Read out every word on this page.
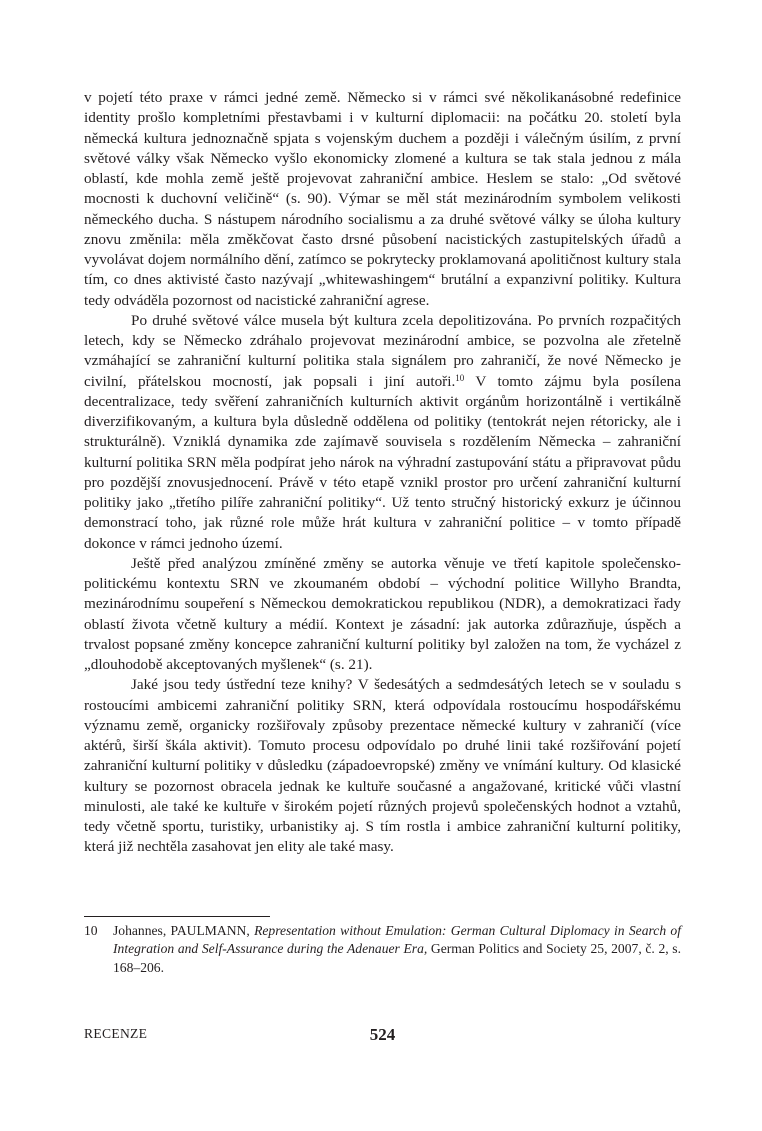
v pojetí této praxe v rámci jedné země. Německo si v rámci své několikanásobné redefinice identity prošlo kompletními přestavbami i v kulturní diplomacii: na počátku 20. století byla německá kultura jednoznačně spjata s vojenským duchem a později i válečným úsilím, z první světové války však Německo vyšlo ekonomicky zlomené a kultura se tak stala jednou z mála oblastí, kde mohla země ještě projevovat zahraniční ambice. Heslem se stalo: „Od světové mocnosti k duchovní veličině“ (s. 90). Výmar se měl stát mezinárodním symbolem velikosti německého ducha. S nástupem národního socialismu a za druhé světové války se úloha kultury znovu změnila: měla změkčovat často drsné působení nacistických zastupitelských úřadů a vyvolávat dojem normálního dění, zatímco se pokrytecky proklamovaná apolitičnost kultury stala tím, co dnes aktivisté často nazývají „whitewashingem“ brutální a expanzivní politiky. Kultura tedy odváděla pozornost od nacistické zahraniční agrese.

Po druhé světové válce musela být kultura zcela depolitizována. Po prvních rozpačitých letech, kdy se Německo zdráhalo projevovat mezinárodní ambice, se pozvolna ale zřetelně vzmáhající se zahraniční kulturní politika stala signálem pro zahraničí, že nové Německo je civilní, přátelskou mocností, jak popsali i jiní autoři.$^{10}$ V tomto zájmu byla posílena decentralizace, tedy svěření zahraničních kulturních aktivit orgánům horizontálně i vertikálně diverzifikovaným, a kultura byla důsledně oddělena od politiky (tentokrát nejen rétoricky, ale i strukturálně). Vzniklá dynamika zde zajímavě souvisela s rozdělením Německa – zahraniční kulturní politika SRN měla podpírat jeho nárok na výhradní zastupování státu a připravovat půdu pro pozdější znovusjednocení. Právě v této etapě vznikl prostor pro určení zahraniční kulturní politiky jako „třetího pilíře zahraniční politiky“. Už tento stručný historický exkurz je účinnou demonstrací toho, jak různé role může hrát kultura v zahraniční politice – v tomto případě dokonce v rámci jednoho území.

Ještě před analýzou zmíněné změny se autorka věnuje ve třetí kapitole společensko-politickému kontextu SRN ve zkoumaném období – východní politice Willyho Brandta, mezinárodnímu soupeření s Německou demokratickou republikou (NDR), a demokratizaci řady oblastí života včetně kultury a médií. Kontext je zásadní: jak autorka zdůrazňuje, úspěch a trvalost popsané změny koncepce zahraniční kulturní politiky byl založen na tom, že vycházel z „dlouhodobě akceptovaných myšlenek“ (s. 21).

Jaké jsou tedy ústřední teze knihy? V šedesátých a sedmdesátých letech se v souladu s rostoucími ambicemi zahraniční politiky SRN, která odpovídala rostoucímu hospodářskému významu země, organicky rozšiřovaly způsoby prezentace německé kultury v zahraničí (více aktérů, širší škála aktivit). Tomuto procesu odpovídalo po druhé linii také rozšiřování pojetí zahraniční kulturní politiky v důsledku (západoevropské) změny ve vnímání kultury. Od klasické kultury se pozornost obracela jednak ke kultuře současné a angažované, kritické vůči vlastní minulosti, ale také ke kultuře v širokém pojetí různých projevů společenských hodnot a vztahů, tedy včetně sportu, turistiky, urbanistiky aj. S tím rostla i ambice zahraniční kulturní politiky, která již nechtěla zasahovat jen elity ale také masy.

10 Johannes, PAULMANN, Representation without Emulation: German Cultural Diplomacy in Search of Integration and Self-Assurance during the Adenauer Era, German Politics and Society 25, 2007, č. 2, s. 168–206.
RECENZE	524
